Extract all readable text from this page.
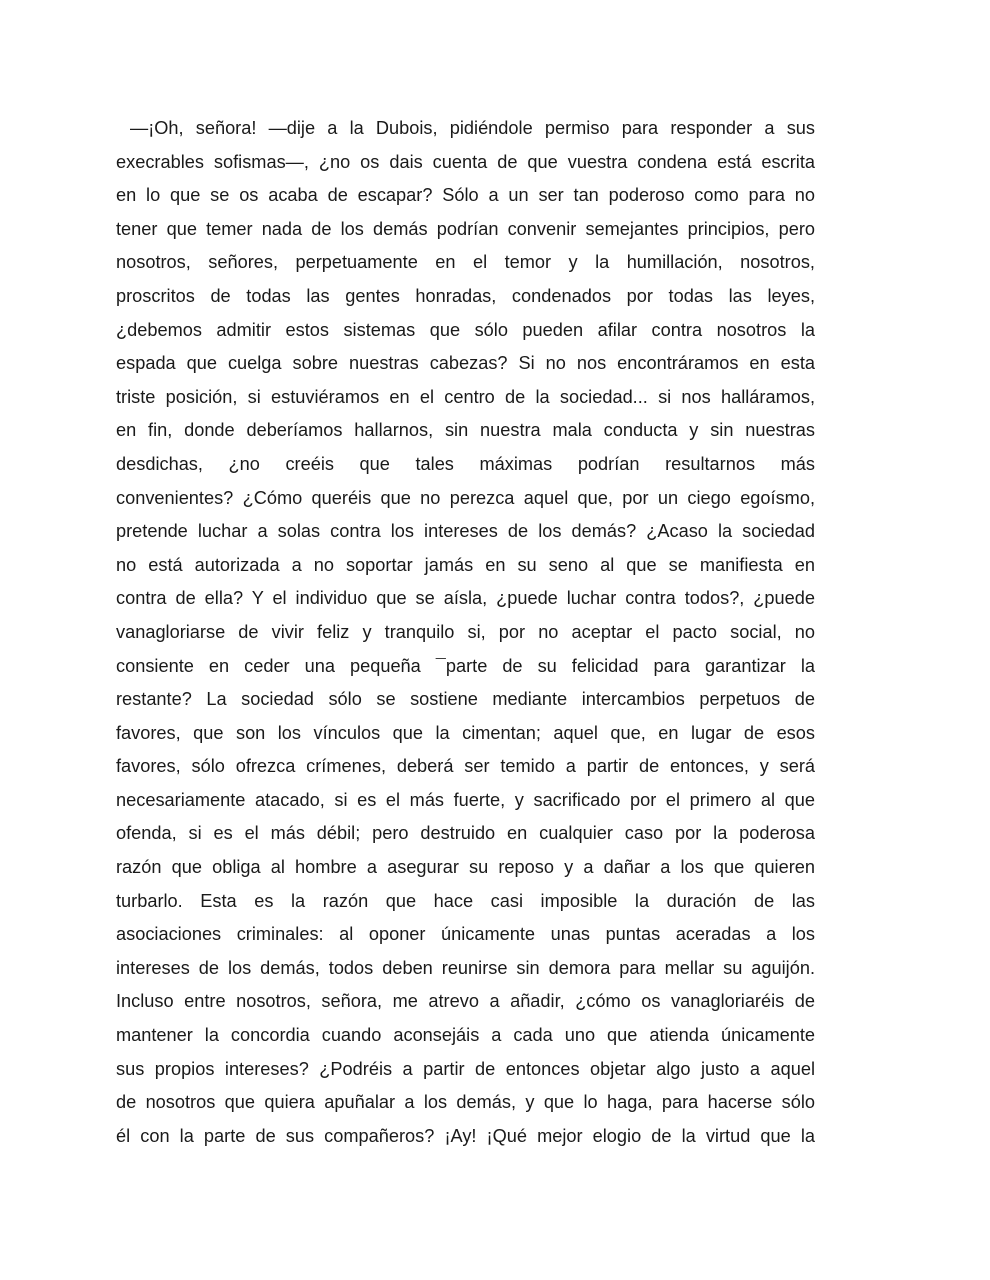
—¡Oh, señora! —dije a la Dubois, pidiéndole permiso para responder a sus
execrables sofismas—, ¿no os dais cuenta de que vuestra condena está escrita
en lo que se os acaba de escapar? Sólo a un ser tan poderoso como para no
tener que temer nada de los demás podrían convenir semejantes principios, pero
nosotros, señores, perpetuamente en el temor y la humillación, nosotros,
proscritos de todas las gentes honradas, condenados por todas las leyes,
¿debemos admitir estos sistemas que sólo pueden afilar contra nosotros la
espada que cuelga sobre nuestras cabezas? Si no nos encontráramos en esta
triste posición, si estuviéramos en el centro de la sociedad... si nos halláramos,
en fin, donde deberíamos hallarnos, sin nuestra mala conducta y sin nuestras
desdichas, ¿no creéis que tales máximas podrían resultarnos más
convenientes? ¿Cómo queréis que no perezca aquel que, por un ciego egoísmo,
pretende luchar a solas contra los intereses de los demás? ¿Acaso la sociedad
no está autorizada a no soportar jamás en su seno al que se manifiesta en
contra de ella? Y el individuo que se aísla, ¿puede luchar contra todos?, ¿puede
vanagloriarse de vivir feliz y tranquilo si, por no aceptar el pacto social, no
consiente en ceder una pequeña ¯parte de su felicidad para garantizar la
restante? La sociedad sólo se sostiene mediante intercambios perpetuos de
favores, que son los vínculos que la cimentan; aquel que, en lugar de esos
favores, sólo ofrezca crímenes, deberá ser temido a partir de entonces, y será
necesariamente atacado, si es el más fuerte, y sacrificado por el primero al que
ofenda, si es el más débil; pero destruido en cualquier caso por la poderosa
razón que obliga al hombre a asegurar su reposo y a dañar a los que quieren
turbarlo. Esta es la razón que hace casi imposible la duración de las
asociaciones criminales: al oponer únicamente unas puntas aceradas a los
intereses de los demás, todos deben reunirse sin demora para mellar su aguijón.
Incluso entre nosotros, señora, me atrevo a añadir, ¿cómo os vanagloriaréis de
mantener la concordia cuando aconsejáis a cada uno que atienda únicamente
sus propios intereses? ¿Podréis a partir de entonces objetar algo justo a aquel
de nosotros que quiera apuñalar a los demás, y que lo haga, para hacerse sólo
él con la parte de sus compañeros? ¡Ay! ¡Qué mejor elogio de la virtud que la
